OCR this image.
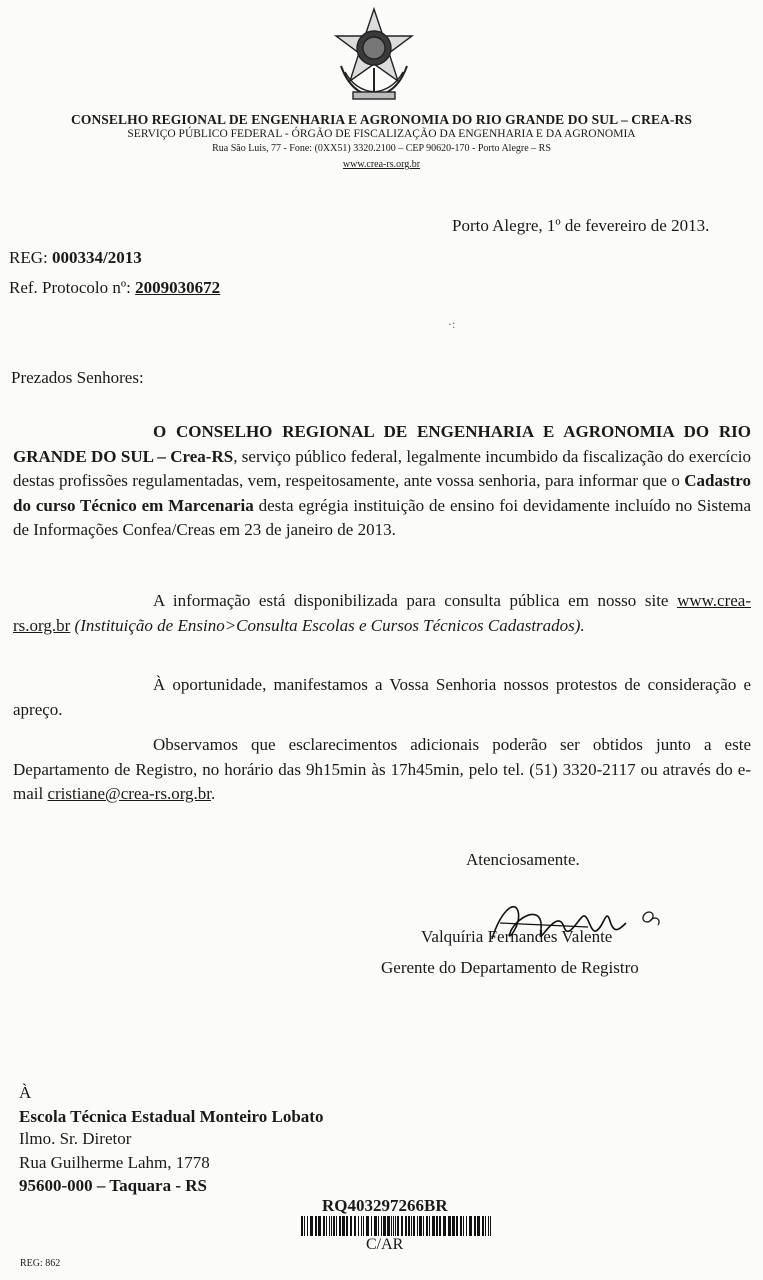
CONSELHO REGIONAL DE ENGENHARIA E AGRONOMIA DO RIO GRANDE DO SUL – CREA-RS
SERVIÇO PÚBLICO FEDERAL - ÓRGÃO DE FISCALIZAÇÃO DA ENGENHARIA E DA AGRONOMIA
Rua São Luis, 77 - Fone: (0XX51) 3320.2100 – CEP 90620-170 - Porto Alegre – RS
www.crea-rs.org.br
Porto Alegre, 1º de fevereiro de 2013.
REG: 000334/2013
Ref. Protocolo nº: 2009030672
·:
Prezados Senhores:
O CONSELHO REGIONAL DE ENGENHARIA E AGRONOMIA DO RIO GRANDE DO SUL – Crea-RS, serviço público federal, legalmente incumbido da fiscalização do exercício destas profissões regulamentadas, vem, respeitosamente, ante vossa senhoria, para informar que o Cadastro do curso Técnico em Marcenaria desta egrégia instituição de ensino foi devidamente incluído no Sistema de Informações Confea/Creas em 23 de janeiro de 2013.
A informação está disponibilizada para consulta pública em nosso site www.crea-rs.org.br (Instituição de Ensino>Consulta Escolas e Cursos Técnicos Cadastrados).
À oportunidade, manifestamos a Vossa Senhoria nossos protestos de consideração e apreço.
Observamos que esclarecimentos adicionais poderão ser obtidos junto a este Departamento de Registro, no horário das 9h15min às 17h45min, pelo tel. (51) 3320-2117 ou através do e-mail cristiane@crea-rs.org.br.
Atenciosamente.
Valquíria Fernandes Valente
Gerente do Departamento de Registro
À
Escola Técnica Estadual Monteiro Lobato
Ilmo. Sr. Diretor
Rua Guilherme Lahm, 1778
95600-000 – Taquara - RS
RQ403297266BR
C/AR
REG: 862
